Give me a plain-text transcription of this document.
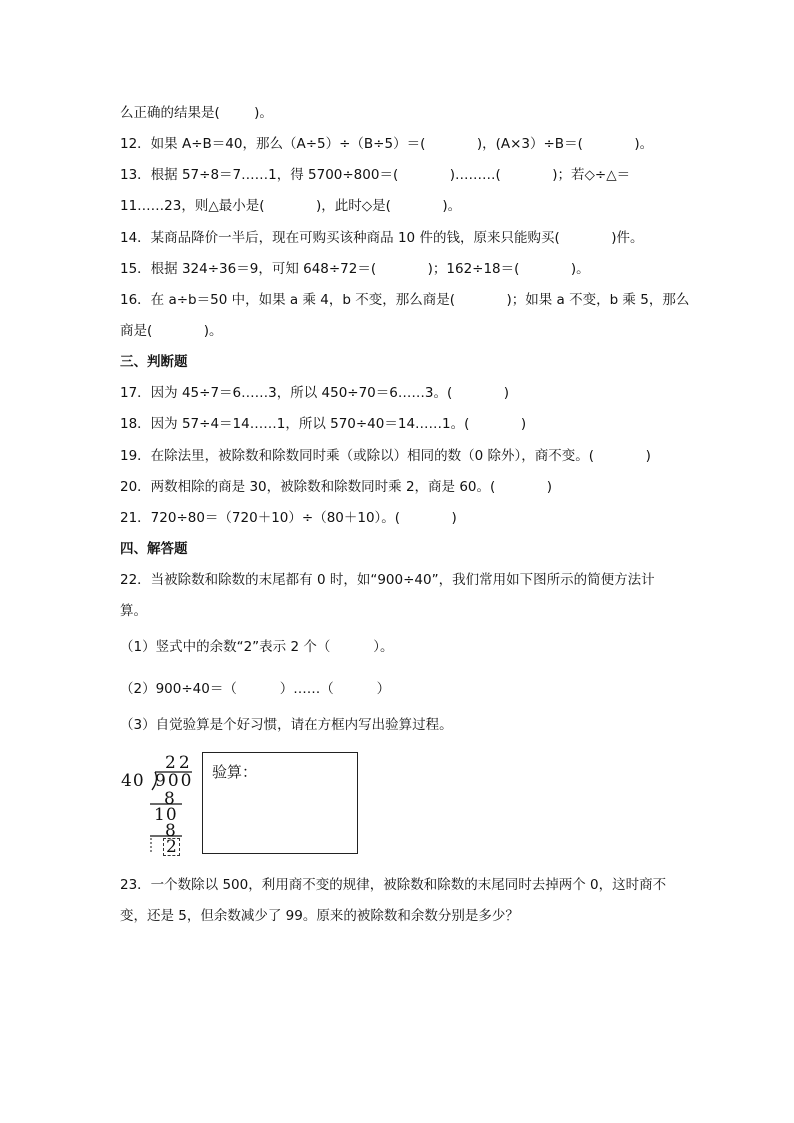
么正确的结果是(        )。
12．如果 A÷B＝40，那么（A÷5）÷（B÷5）＝(            )，(A×3）÷B＝(            )。
13．根据 57÷8＝7……1，得 5700÷800＝(            )………(            )；若◇÷△＝
11……23，则△最小是(            )，此时◇是(            )。
14．某商品降价一半后，现在可购买该种商品 10 件的钱，原来只能购买(            )件。
15．根据 324÷36＝9，可知 648÷72＝(            )；162÷18＝(            )。
16．在 a÷b＝50 中，如果 a 乘 4，b 不变，那么商是(            )；如果 a 不变，b 乘 5，那么
商是(            )。
三、判断题
17．因为 45÷7＝6……3，所以 450÷70＝6……3。(            )
18．因为 57÷4＝14……1，所以 570÷40＝14……1。(            )
19．在除法里，被除数和除数同时乘（或除以）相同的数（0 除外），商不变。(            )
20．两数相除的商是 30，被除数和除数同时乘 2，商是 60。(            )
21．720÷80＝（720＋10）÷（80＋10）。(            )
四、解答题
22．当被除数和除数的末尾都有 0 时，如“900÷40”，我们常用如下图所示的简便方法计
算。
（1）竖式中的余数“2”表示 2 个（          ）。
（2）900÷40＝（          ）……（          ）
（3）自觉验算是个好习惯，请在方框内写出验算过程。
22
40 900
8
10
8
2
验算：
23．一个数除以 500，利用商不变的规律，被除数和除数的末尾同时去掉两个 0，这时商不
变，还是 5，但余数减少了 99。原来的被除数和余数分别是多少？
